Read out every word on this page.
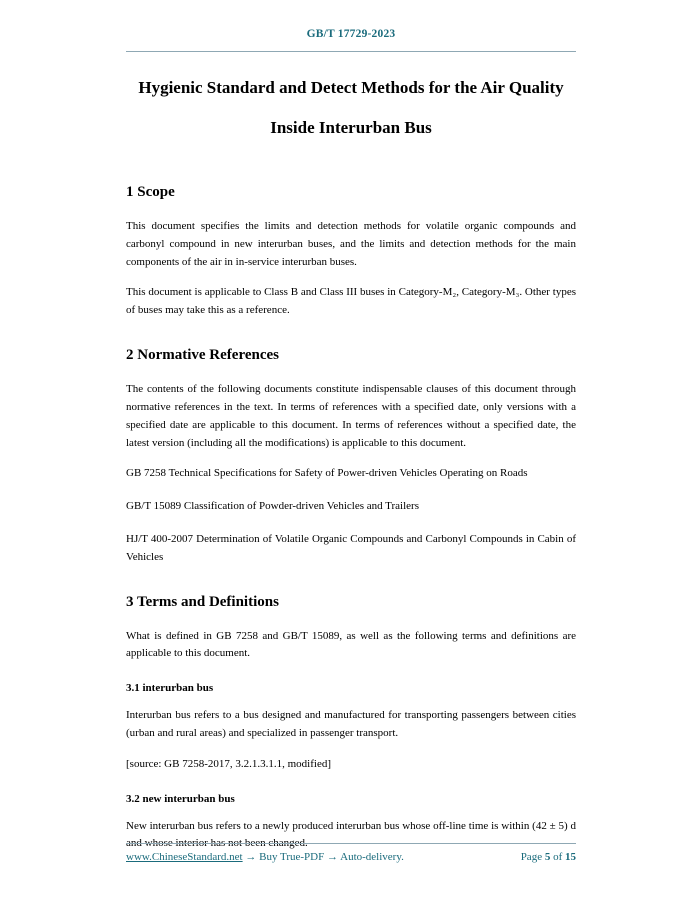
GB/T 17729-2023
Hygienic Standard and Detect Methods for the Air Quality
Inside Interurban Bus
1 Scope

This document specifies the limits and detection methods for volatile organic compounds and carbonyl compound in new interurban buses, and the limits and detection methods for the main components of the air in in-service interurban buses.

This document is applicable to Class B and Class III buses in Category-M₂, Category-M₃. Other types of buses may take this as a reference.

2 Normative References

The contents of the following documents constitute indispensable clauses of this document through normative references in the text. In terms of references with a specified date, only versions with a specified date are applicable to this document. In terms of references without a specified date, the latest version (including all the modifications) is applicable to this document.

GB 7258 Technical Specifications for Safety of Power-driven Vehicles Operating on Roads

GB/T 15089 Classification of Powder-driven Vehicles and Trailers

HJ/T 400-2007 Determination of Volatile Organic Compounds and Carbonyl Compounds in Cabin of Vehicles

3 Terms and Definitions

What is defined in GB 7258 and GB/T 15089, as well as the following terms and definitions are applicable to this document.

3.1 interurban bus

Interurban bus refers to a bus designed and manufactured for transporting passengers between cities (urban and rural areas) and specialized in passenger transport.

[source: GB 7258-2017, 3.2.1.3.1.1, modified]

3.2 new interurban bus

New interurban bus refers to a newly produced interurban bus whose off-line time is within (42 ± 5) d and whose interior has not been changed.

www.ChineseStandard.net → Buy True-PDF → Auto-delivery.	Page 5 of 15
